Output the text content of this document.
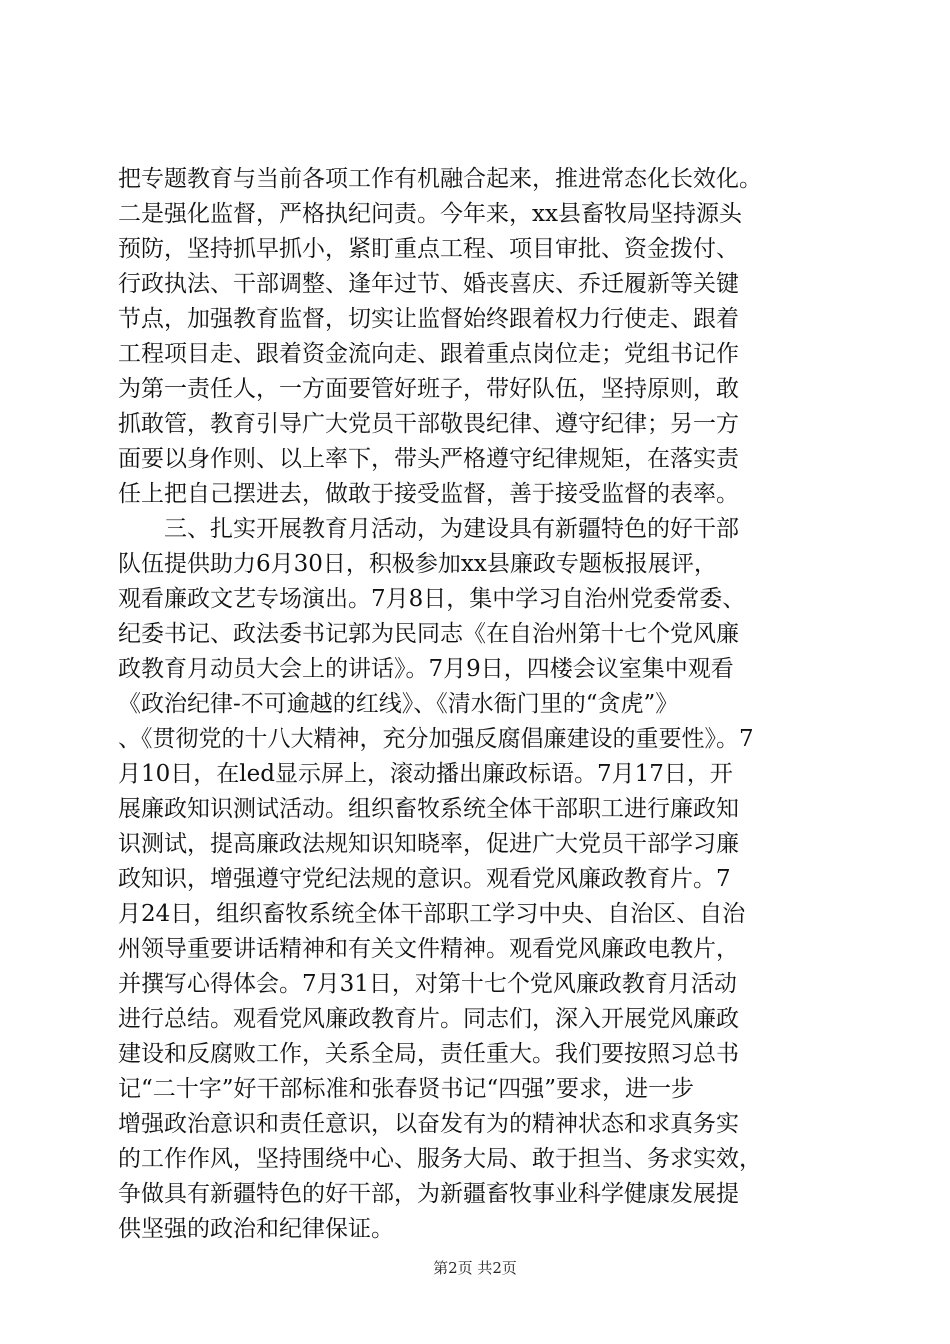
把专题教育与当前各项工作有机融合起来，推进常态化长效化。
二是强化监督，严格执纪问责。今年来，xx县畜牧局坚持源头
预防，坚持抓早抓小，紧盯重点工程、项目审批、资金拨付、
行政执法、干部调整、逢年过节、婚丧喜庆、乔迁履新等关键
节点，加强教育监督，切实让监督始终跟着权力行使走、跟着
工程项目走、跟着资金流向走、跟着重点岗位走；党组书记作
为第一责任人，一方面要管好班子，带好队伍，坚持原则，敢
抓敢管，教育引导广大党员干部敬畏纪律、遵守纪律；另一方
面要以身作则、以上率下，带头严格遵守纪律规矩，在落实责
任上把自己摆进去，做敢于接受监督，善于接受监督的表率。
　　三、扎实开展教育月活动，为建设具有新疆特色的好干部
队伍提供助力6月30日，积极参加xx县廉政专题板报展评，
观看廉政文艺专场演出。7月8日，集中学习自治州党委常委、
纪委书记、政法委书记郭为民同志《在自治州第十七个党风廉
政教育月动员大会上的讲话》。7月9日，四楼会议室集中观看
《政治纪律-不可逾越的红线》、《清水衙门里的“贪虎”》
、《贯彻党的十八大精神，充分加强反腐倡廉建设的重要性》。7
月10日，在led显示屏上，滚动播出廉政标语。7月17日，开
展廉政知识测试活动。组织畜牧系统全体干部职工进行廉政知
识测试，提高廉政法规知识知晓率，促进广大党员干部学习廉
政知识，增强遵守党纪法规的意识。观看党风廉政教育片。7
月24日，组织畜牧系统全体干部职工学习中央、自治区、自治
州领导重要讲话精神和有关文件精神。观看党风廉政电教片，
并撰写心得体会。7月31日，对第十七个党风廉政教育月活动
进行总结。观看党风廉政教育片。同志们，深入开展党风廉政
建设和反腐败工作，关系全局，责任重大。我们要按照习总书
记“二十字”好干部标准和张春贤书记“四强”要求，进一步
增强政治意识和责任意识，以奋发有为的精神状态和求真务实
的工作作风，坚持围绕中心、服务大局、敢于担当、务求实效，
争做具有新疆特色的好干部，为新疆畜牧事业科学健康发展提
供坚强的政治和纪律保证。
第2页 共2页
